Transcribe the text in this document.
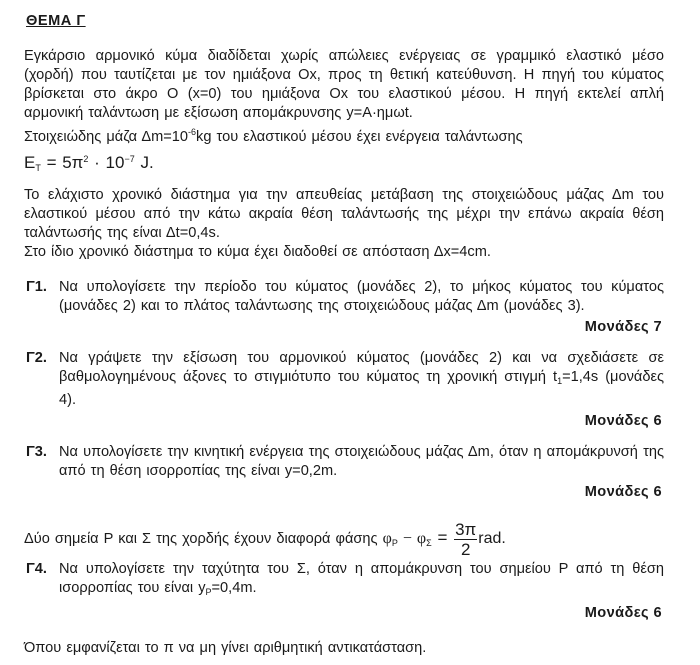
ΘΕΜΑ Γ

Εγκάρσιο αρμονικό κύμα διαδίδεται χωρίς απώλειες ενέργειας σε γραμμικό ελαστικό μέσο (χορδή) που ταυτίζεται με τον ημιάξονα Οx, προς τη θετική κατεύθυνση. Η πηγή του κύματος βρίσκεται στο άκρο Ο (x=0) του ημιάξονα Οx του ελαστικού μέσου. Η πηγή εκτελεί απλή αρμονική ταλάντωση με εξίσωση απομάκρυνσης y=A·ημωt.

Στοιχειώδης μάζα $\Delta m=10^{-6}kg$ του ελαστικού μέσου έχει ενέργεια ταλάντωσης

$E_T = 5\pi^2 \cdot 10^{-7}$ J.

Το ελάχιστο χρονικό διάστημα για την απευθείας μετάβαση της στοιχειώδους μάζας Δm του ελαστικού μέσου από την κάτω ακραία θέση ταλάντωσής της μέχρι την επάνω ακραία θέση ταλάντωσής της είναι Δt=0,4s.

Στο ίδιο χρονικό διάστημα το κύμα έχει διαδοθεί σε απόσταση Δx=4cm.

Γ1. Να υπολογίσετε την περίοδο του κύματος (μονάδες 2), το μήκος κύματος του κύματος (μονάδες 2) και το πλάτος ταλάντωσης της στοιχειώδους μάζας Δm (μονάδες 3).
Μονάδες 7
Γ2. Να γράψετε την εξίσωση του αρμονικού κύματος (μονάδες 2) και να σχεδιάσετε σε βαθμολογημένους άξονες το στιγμιότυπο του κύματος τη χρονική στιγμή $t_1=1,4s$ (μονάδες 4).
Μονάδες 6
Γ3. Να υπολογίσετε την κινητική ενέργεια της στοιχειώδους μάζας Δm, όταν η απομάκρυνσή της από τη θέση ισορροπίας της είναι y=0,2m.
Μονάδες 6
Δύο σημεία Ρ και Σ της χορδής έχουν διαφορά φάσης $\varphi_P - \varphi_\Sigma = \frac{3\pi}{2}$ rad.
Γ4. Να υπολογίσετε την ταχύτητα του Σ, όταν η απομάκρυνση του σημείου Ρ από τη θέση ισορροπίας του είναι $y_P=0,4m$.
Μονάδες 6

Όπου εμφανίζεται το π να μη γίνει αριθμητική αντικατάσταση.
